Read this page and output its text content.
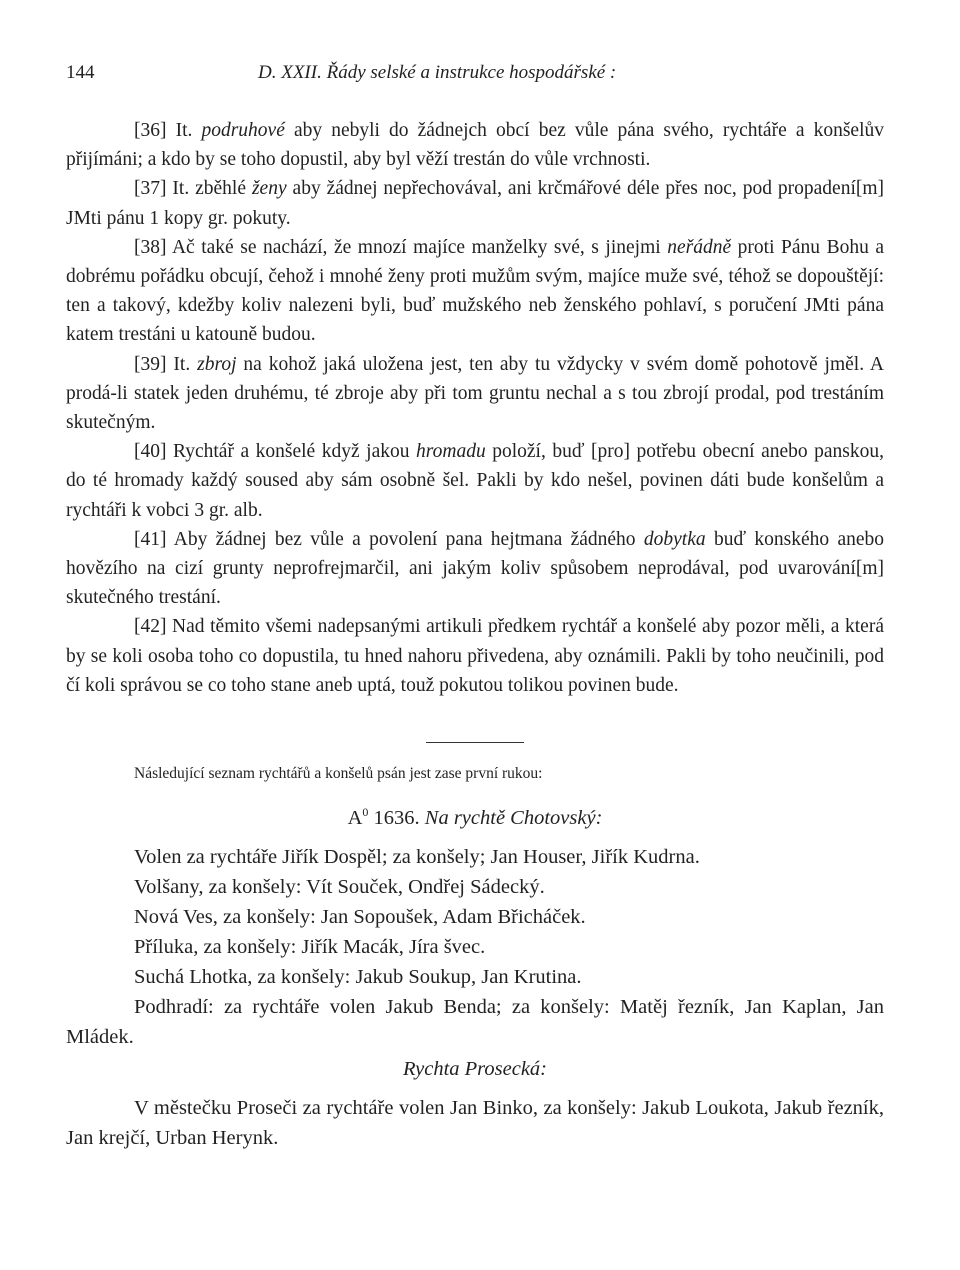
144	D. XXII. Řády selské a instrukce hospodářské :

[36] It. podruhové aby nebyli do žádnejch obcí bez vůle pána svého, rychtáře a konšelův přijímáni; a kdo by se toho dopustil, aby byl věží trestán do vůle vrchnosti.

[37] It. zběhlé ženy aby žádnej nepřechovával, ani krčmářové déle přes noc, pod propadení[m] JMti pánu 1 kopy gr. pokuty.

[38] Ač také se nachází, že mnozí majíce manželky své, s jinejmi neřádně proti Pánu Bohu a dobrému pořádku obcují, čehož i mnohé ženy proti mužům svým, majíce muže své, téhož se dopouštějí: ten a takový, kdežby koliv nalezeni byli, buď mužského neb ženského pohlaví, s poručení JMti pána katem trestáni u katouně budou.

[39] It. zbroj na kohož jaká uložena jest, ten aby tu vždycky v svém domě pohotově jměl. A prodá-li statek jeden druhému, té zbroje aby při tom gruntu nechal a s tou zbrojí prodal, pod trestáním skutečným.

[40] Rychtář a konšelé když jakou hromadu položí, buď [pro] potřebu obecní anebo panskou, do té hromady každý soused aby sám osobně šel. Pakli by kdo nešel, povinen dáti bude konšelům a rychtáři k vobci 3 gr. alb.

[41] Aby žádnej bez vůle a povolení pana hejtmana žádného dobytka buď konského anebo hovězího na cizí grunty neprofrejmarčil, ani jakým koliv spůsobem neprodával, pod uvarování[m] skutečného trestání.

[42] Nad těmito všemi nadepsanými artikuli předkem rychtář a konšelé aby pozor měli, a která by se koli osoba toho co dopustila, tu hned nahoru přivedena, aby oznámili. Pakli by toho neučinili, pod čí koli správou se co toho stane aneb uptá, touž pokutou tolikou povinen bude.

Následující seznam rychtářů a konšelů psán jest zase první rukou:

$A^0$ 1636. Na rychtě Chotovský:

Volen za rychtáře Jiřík Dospěl; za konšely; Jan Houser, Jiřík Kudrna.

Volšany, za konšely: Vít Souček, Ondřej Sádecký.

Nová Ves, za konšely: Jan Sopoušek, Adam Břicháček.

Příluka, za konšely: Jiřík Macák, Jíra švec.

Suchá Lhotka, za konšely: Jakub Soukup, Jan Krutina.

Podhradí: za rychtáře volen Jakub Benda; za konšely: Matěj řezník, Jan Kaplan, Jan Mládek.

Rychta Prosecká:

V městečku Proseči za rychtáře volen Jan Binko, za konšely: Jakub Loukota, Jakub řezník, Jan krejčí, Urban Herynk.
